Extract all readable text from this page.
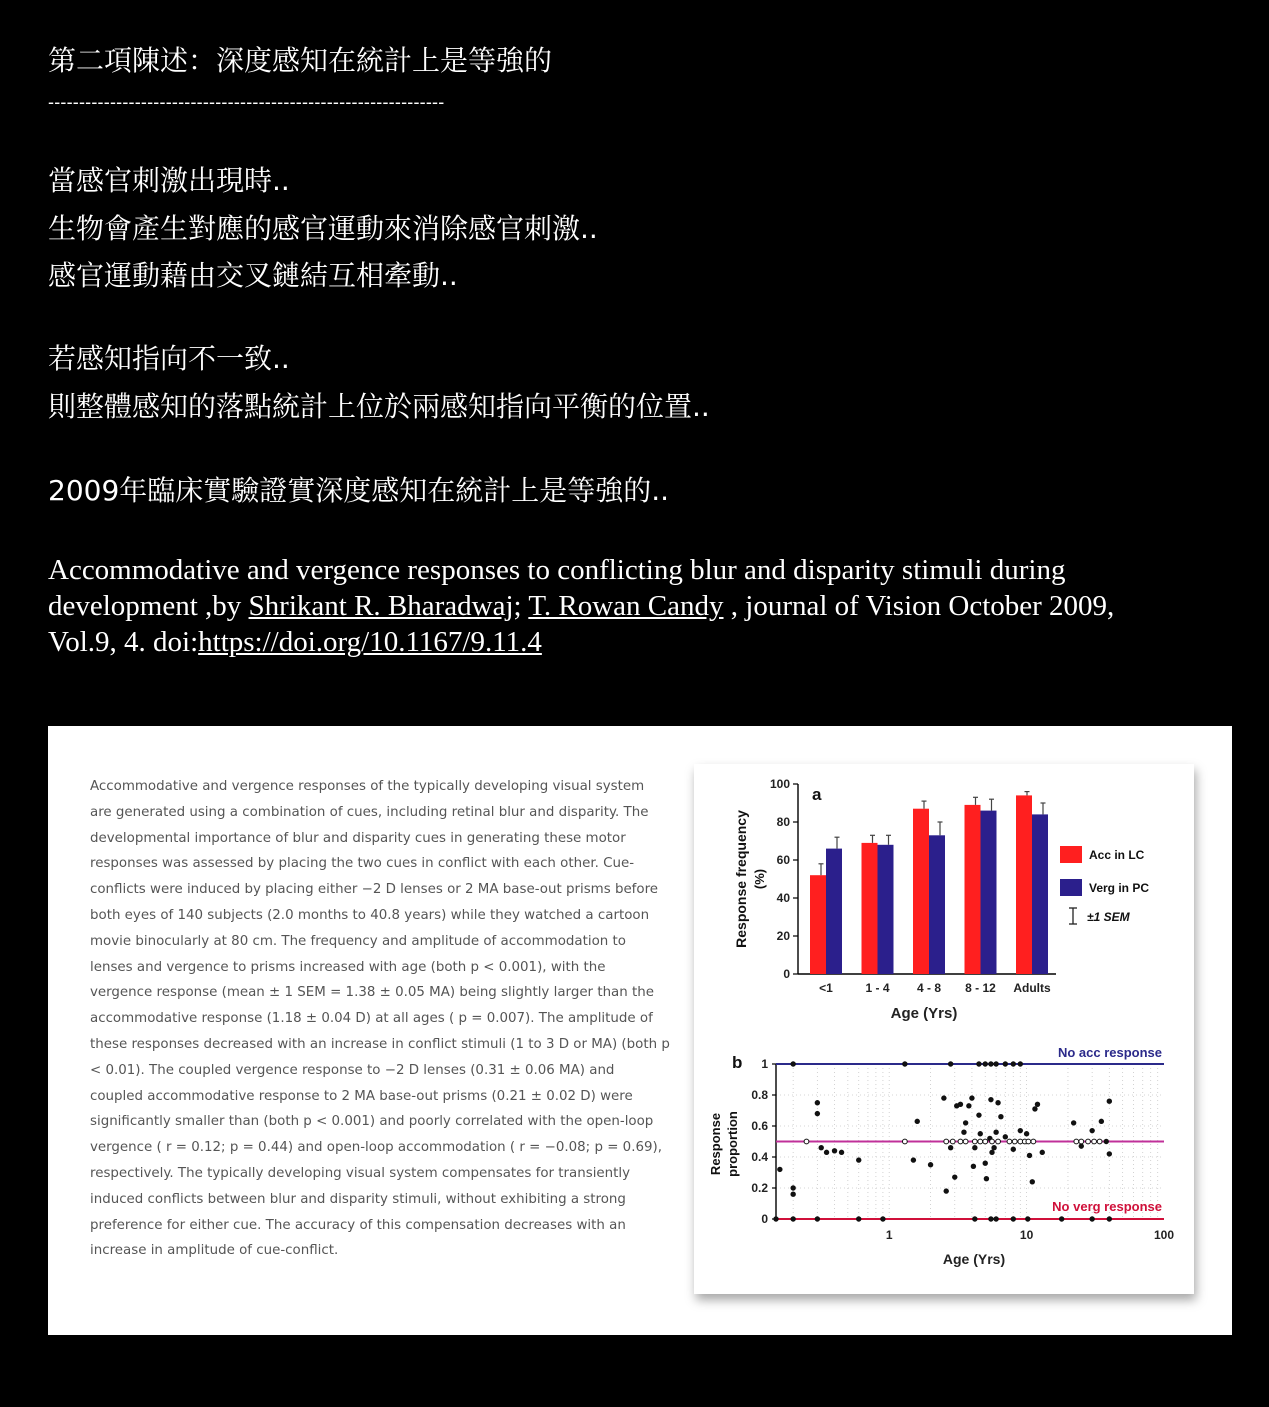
第二項陳述：深度感知在統計上是等強的
----------------------------------------------------------------
當感官刺激出現時..
生物會產生對應的感官運動來消除感官刺激..
感官運動藉由交叉鏈結互相牽動..
若感知指向不一致..
則整體感知的落點統計上位於兩感知指向平衡的位置..
2009年臨床實驗證實深度感知在統計上是等強的..
Accommodative and vergence responses to conflicting blur and disparity stimuli during development ,by Shrikant R. Bharadwaj; T. Rowan Candy , journal of Vision October 2009, Vol.9, 4. doi:https://doi.org/10.1167/9.11.4
Accommodative and vergence responses of the typically developing visual system are generated using a combination of cues, including retinal blur and disparity. The developmental importance of blur and disparity cues in generating these motor responses was assessed by placing the two cues in conflict with each other. Cue-conflicts were induced by placing either −2 D lenses or 2 MA base-out prisms before both eyes of 140 subjects (2.0 months to 40.8 years) while they watched a cartoon movie binocularly at 80 cm. The frequency and amplitude of accommodation to lenses and vergence to prisms increased with age (both p < 0.001), with the vergence response (mean ± 1 SEM = 1.38 ± 0.05 MA) being slightly larger than the accommodative response (1.18 ± 0.04 D) at all ages ( p = 0.007). The amplitude of these responses decreased with an increase in conflict stimuli (1 to 3 D or MA) (both p < 0.01). The coupled vergence response to −2 D lenses (0.31 ± 0.06 MA) and coupled accommodative response to 2 MA base-out prisms (0.21 ± 0.02 D) were significantly smaller than (both p < 0.001) and poorly correlated with the open-loop vergence ( r = 0.12; p = 0.44) and open-loop accommodation ( r = −0.08; p = 0.69), respectively. The typically developing visual system compensates for transiently induced conflicts between blur and disparity stimuli, without exhibiting a strong preference for either cue. The accuracy of this compensation decreases with an increase in amplitude of cue-conflict.
0
20
40
60
80
100
a
Response frequency (%)
<1	1 - 4 4 - 8 8 - 12 Adults
Age (Yrs)
Acc in LC
Verg in PC
±1 SEM
0
0.2
0.4
0.6
0.8
1
b
Response proportion
No acc response
No verg response
1	10	100
Age (Yrs)
